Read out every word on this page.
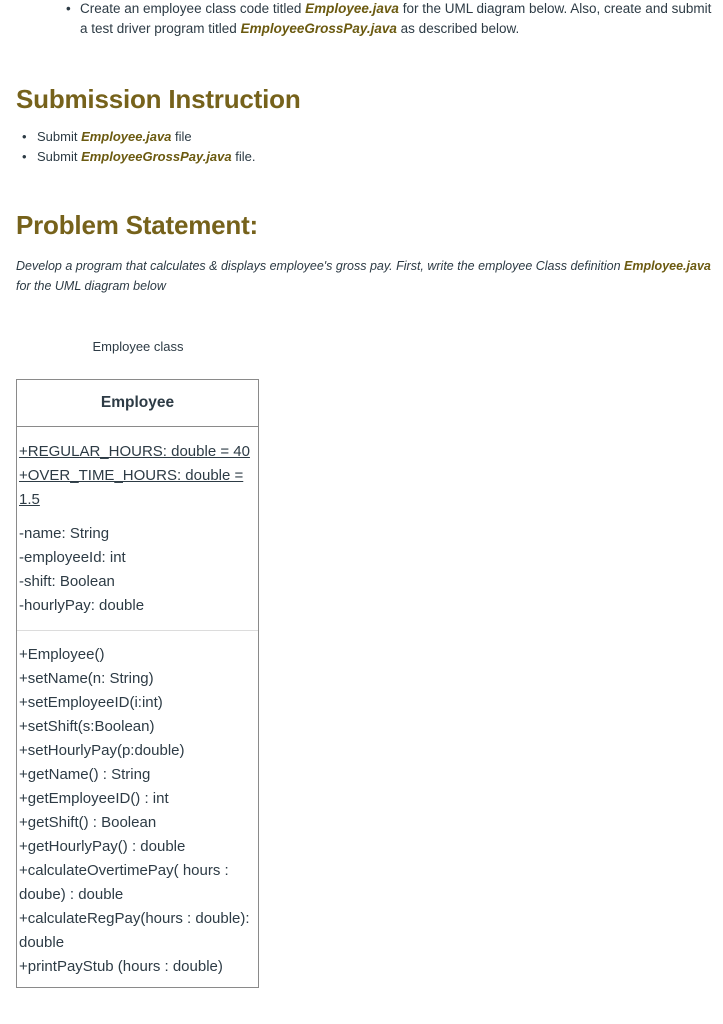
• Create an employee class code titled Employee.java for the UML diagram below. Also, create and submit a test driver program titled EmployeeGrossPay.java as described below.
Submission Instruction
• Submit Employee.java file
• Submit EmployeeGrossPay.java file.
Problem Statement:
Develop a program that calculates & displays employee's gross pay. First, write the employee Class definition Employee.java for the UML diagram below
Employee class
Employee
+REGULAR_HOURS: double = 40
+OVER_TIME_HOURS: double =
1.5
-name: String
-employeeId: int
-shift: Boolean
-hourlyPay: double
+Employee()
+setName(n: String)
+setEmployeeID(i:int)
+setShift(s:Boolean)
+setHourlyPay(p:double)
+getName() : String
+getEmployeeID() : int
+getShift() : Boolean
+getHourlyPay() : double
+calculateOvertimePay( hours :
doube) : double
+calculateRegPay(hours : double):
double
+printPayStub (hours : double)
